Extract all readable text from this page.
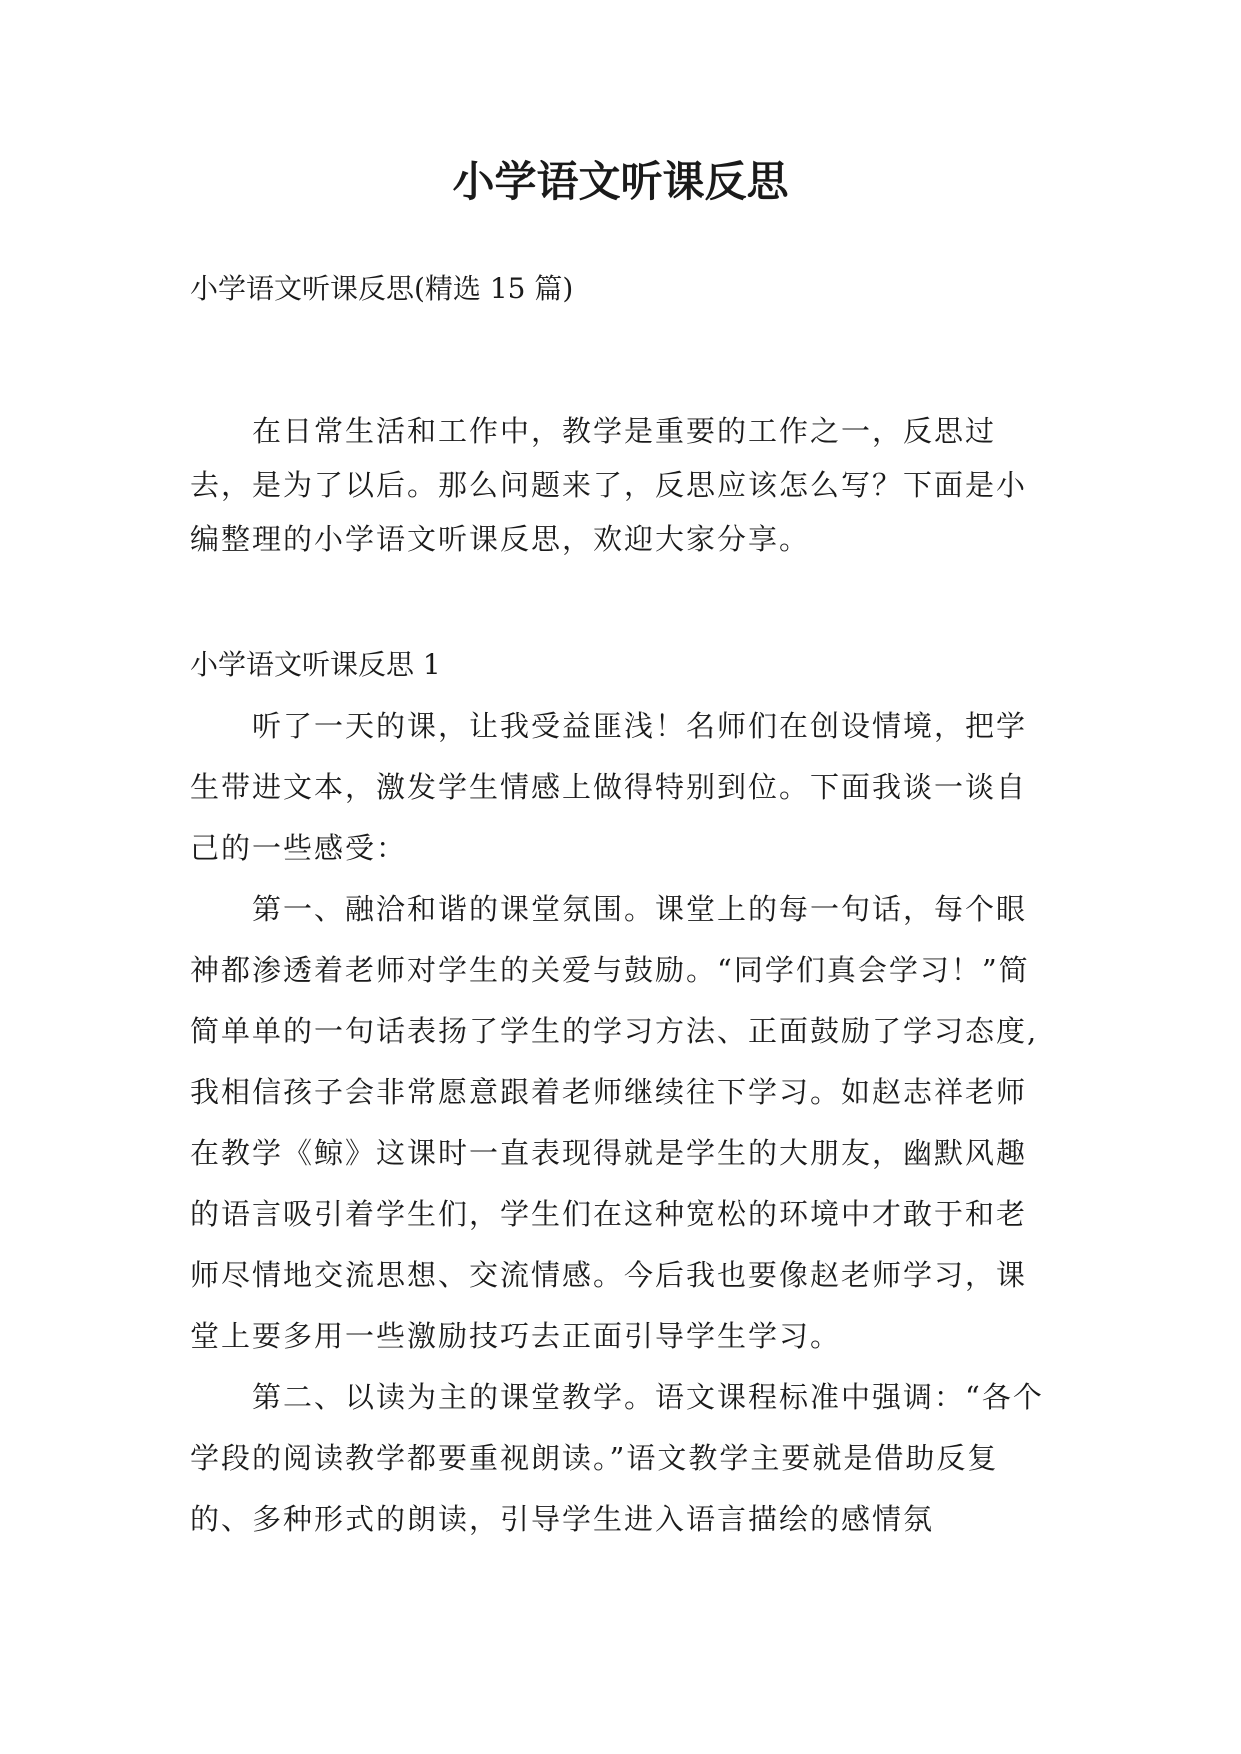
小学语文听课反思

小学语文听课反思(精选 15 篇)

在日常生活和工作中，教学是重要的工作之一，反思过去，是为了以后。那么问题来了，反思应该怎么写？下面是小编整理的小学语文听课反思，欢迎大家分享。

小学语文听课反思 1

听了一天的课，让我受益匪浅！名师们在创设情境，把学生带进文本，激发学生情感上做得特别到位。下面我谈一谈自己的一些感受：

第一、融洽和谐的课堂氛围。课堂上的每一句话，每个眼神都渗透着老师对学生的关爱与鼓励。“同学们真会学习！”简简单单的一句话表扬了学生的学习方法、正面鼓励了学习态度,我相信孩子会非常愿意跟着老师继续往下学习。如赵志祥老师在教学《鲸》这课时一直表现得就是学生的大朋友，幽默风趣的语言吸引着学生们，学生们在这种宽松的环境中才敢于和老师尽情地交流思想、交流情感。今后我也要像赵老师学习，课堂上要多用一些激励技巧去正面引导学生学习。

第二、以读为主的课堂教学。语文课程标准中强调：“各个学段的阅读教学都要重视朗读。”语文教学主要就是借助反复的、多种形式的朗读，引导学生进入语言描绘的感情氛
